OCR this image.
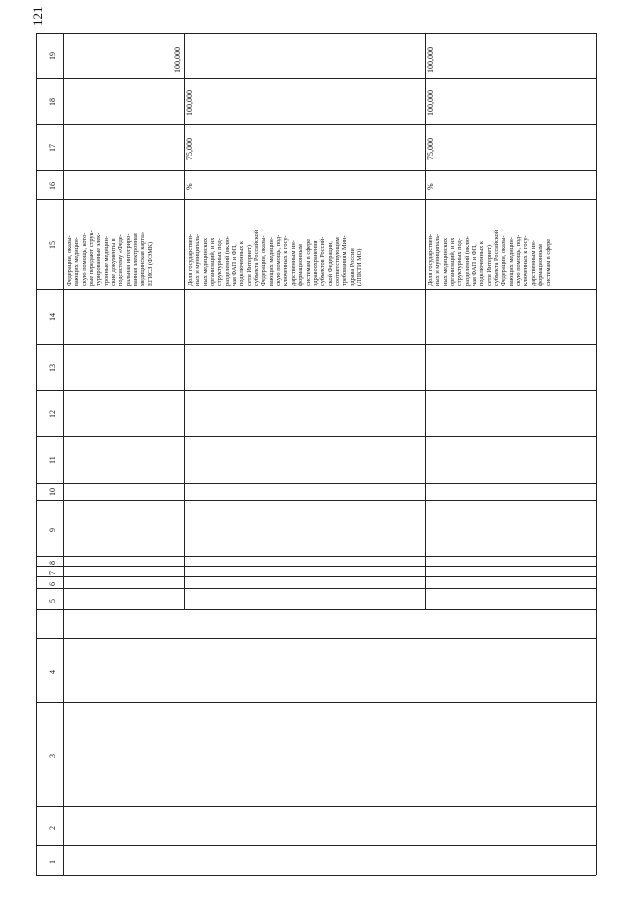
121
19
18
17
16
15
14
13
12
11
10
9
8
7
6
5
4
3
2
1
Федерации, оказы-
вающих медицин-
скую помощь, кото-
рые передают струк-
турированные элек-
тронные медицин-
ские документы в
подсистему «Феде-
ральная интегриро-
ванная электронная
медицинская карта»
ЕГИСЗ (ФЭМК)
100,000
Доля государствен-
ных и муниципаль-
ных медицинских
организаций, и их
структурных под-
разделений (вклю-
чая ФАП и ФП,
подключенных к
сети Интернет)
субъекта Российской
Федерации, оказы-
вающих медицин-
скую помощь, под-
ключенных к госу-
дарственным ин-
формационным
системам в сфере
здравоохранения
субъектов Россий-
ской Федерации,
соответствующим
требованиям Мин-
здрава России
(ЛПКТИ МО)
%
75,000
100,000
Доля государствен-
ных и муниципаль-
ных медицинских
организаций, и их
структурных под-
разделений (вклю-
чая ФАП и ФП,
подключенных к
сети Интернет)
субъекта Российской
Федерации, оказы-
вающих медицин-
скую помощь, под-
ключенных к госу-
дарственным ин-
формационным
системам в сфере
%
75,000
100,000
100,000
